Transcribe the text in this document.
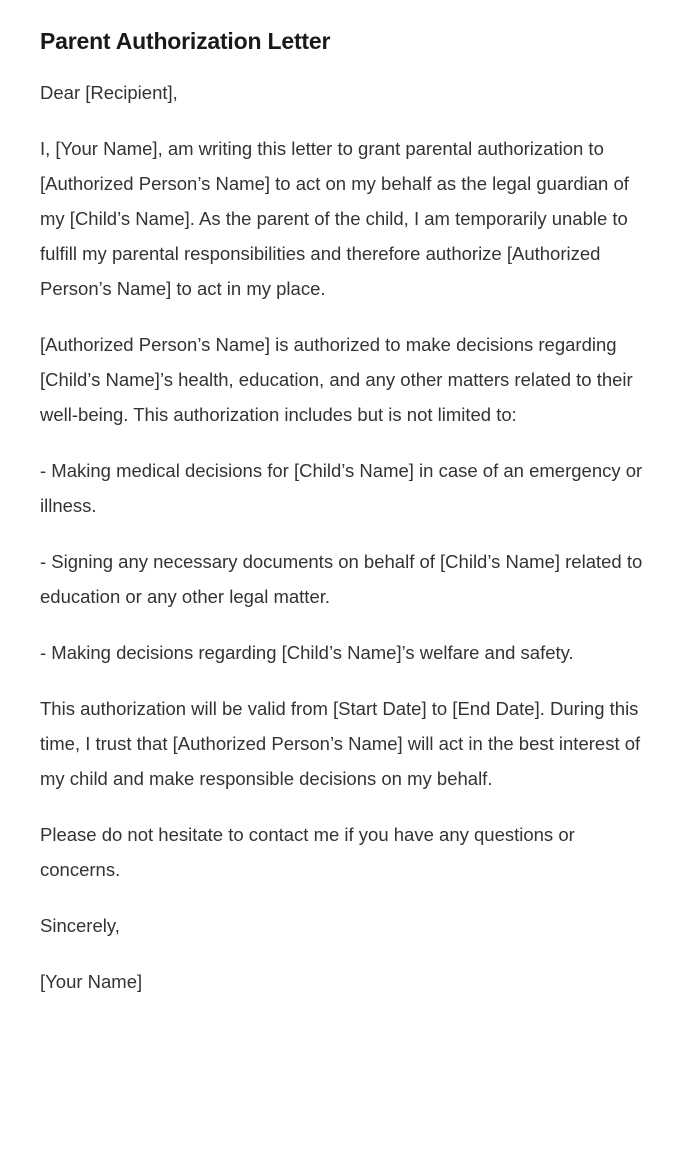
Parent Authorization Letter

Dear [Recipient],

I, [Your Name], am writing this letter to grant parental authorization to [Authorized Person’s Name] to act on my behalf as the legal guardian of my [Child’s Name]. As the parent of the child, I am temporarily unable to fulfill my parental responsibilities and therefore authorize [Authorized Person’s Name] to act in my place.

[Authorized Person’s Name] is authorized to make decisions regarding [Child’s Name]’s health, education, and any other matters related to their well-being. This authorization includes but is not limited to:

- Making medical decisions for [Child’s Name] in case of an emergency or illness.

- Signing any necessary documents on behalf of [Child’s Name] related to education or any other legal matter.

- Making decisions regarding [Child’s Name]’s welfare and safety.

This authorization will be valid from [Start Date] to [End Date]. During this time, I trust that [Authorized Person’s Name] will act in the best interest of my child and make responsible decisions on my behalf.

Please do not hesitate to contact me if you have any questions or concerns.

Sincerely,

[Your Name]
